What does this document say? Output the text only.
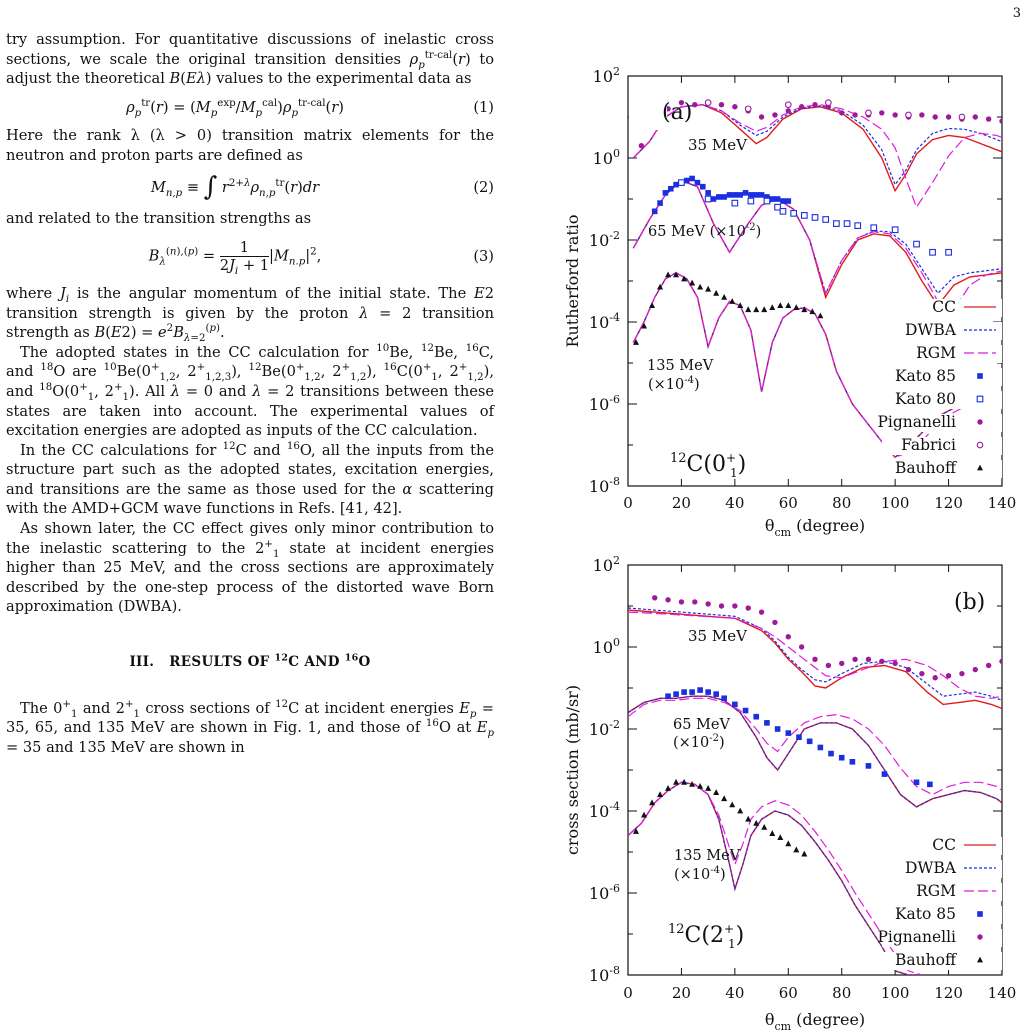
3

try assumption. For quantitative discussions of inelastic cross sections, we scale the original transition densities $\rho_p^{tr-cal}(r)$ to adjust the theoretical B(Eλ) values to the experimental data as

$\rho_p^{tr}(r) = (M_p^{exp}/M_p^{cal})\rho_p^{tr-cal}(r)$	(1)

Here the rank λ (λ > 0) transition matrix elements for the neutron and proton parts are defined as

$M_{n,p}$ ≡ ∫ $r^{2+\lambda}\rho_{n,p}^{tr}(r)dr$	(2)

and related to the transition strengths as

$B_\lambda^{(n),(p)} = \frac{1}{2J_i + 1} |M_{n.p}|^2$,	(3)

where $J_i$ is the angular momentum of the initial state. The E2 transition strength is given by the proton λ = 2 transition strength as $B(E2) = e^2B_{\lambda=2}^{(p)}$.

The adopted states in the CC calculation for $^{10}$Be, $^{12}$Be, $^{16}$C, and $^{18}$O are $^{10}Be(0^+_{1,2}$, $2^+_{1,2,3}$), $^{12}Be(0^+_{1,2}$, $2^+_{1,2}$), $^{16}C(0^+_1$, $2^+_{1,2}$), and $^{18}O(0^+_1$, $2^+_1$). All λ = 0 and λ = 2 transitions between these states are taken into account. The experimental values of excitation energies are adopted as inputs of the CC calculation.

In the CC calculations for $^{12}$C and $^{16}$O, all the inputs from the structure part such as the adopted states, excitation energies, and transitions are the same as those used for the α scattering with the AMD+GCM wave functions in Refs. [41, 42].

As shown later, the CC effect gives only minor contribution to the inelastic scattering to the $2^+_1$ state at incident energies higher than 25 MeV, and the cross sections are approximately described by the one-step process of the distorted wave Born approximation (DWBA).

III.   RESULTS OF $^{12}$C AND $^{16}$O

The $0^+_1$ and $2^+_1$ cross sections of $^{12}$C at incident energies $E_p = 35$, 65, and 135 MeV are shown in Fig. 1, and those of $^{16}$O at $E_p = 35$ and 135 MeV are shown in

0	20 40 60 80 100 120 140
$10^2$
$10^0$
$10^{-2}$
$10^{-4}$
$10^{-6}$
$10^{-8}$
Rutherford ratio
$\theta_{cm}$ (degree)
CC
DWBA
RGM
Kato 85
Kato 80
Pignanelli
Fabrici
Bauhoff
(a)
35 MeV
65 MeV $(\times 10^{-2})$
135 MeV
$(\times 10^{-4})$
$^{12}$C(0+ 1)
0	20 40 60 80 100 120 140
$10^2$
$10^0$
$10^{-2}$
$10^{-4}$
$10^{-6}$
$10^{-8}$
cross section (mb/sr)
$\theta_{cm}$ (degree)
CC
DWBA
RGM
Kato 85
Pignanelli
Bauhoff
(b)
35 MeV
65 MeV
$(\times 10^{-2})$
135 MeV
$(\times 10^{-4})$
$^{12}$C(2+ 1)
